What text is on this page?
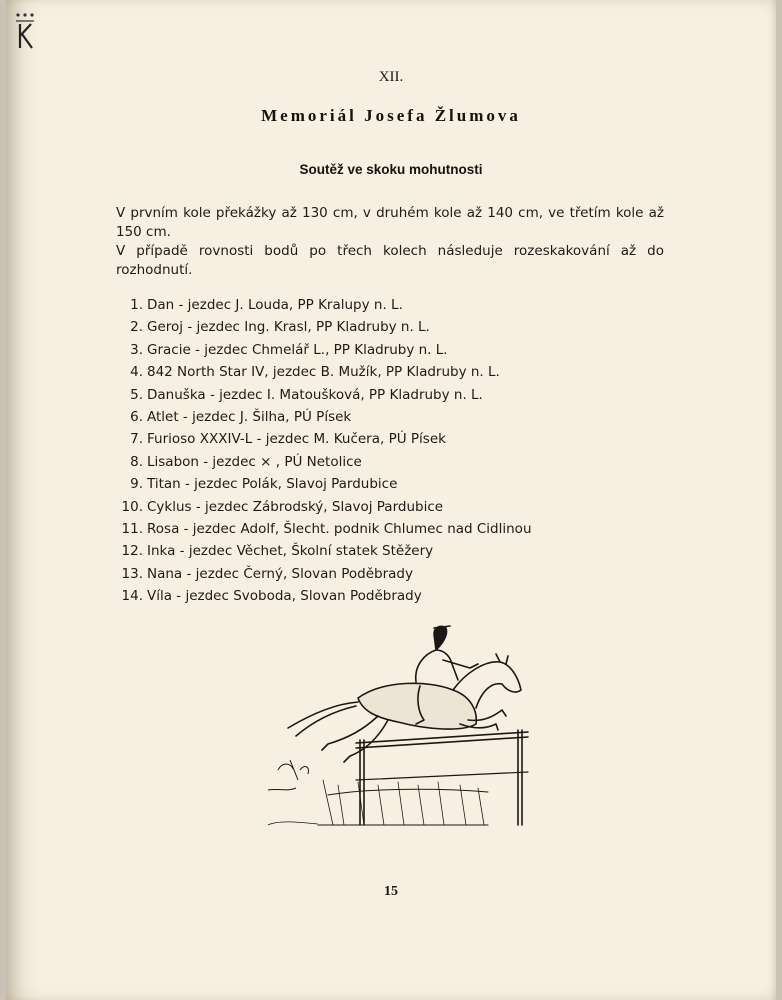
XII.
Memoriál Josefa Žlumova
Soutěž ve skoku mohutnosti

V prvním kole překážky až 130 cm, v druhém kole až 140 cm, ve třetím kole až 150 cm.

V případě rovnosti bodů po třech kolech následuje rozeskakování až do rozhodnutí.

1. Dan - jezdec J. Louda, PP Kralupy n. L.
2. Geroj - jezdec Ing. Krasl, PP Kladruby n. L.
3. Gracie - jezdec Chmelář L., PP Kladruby n. L.
4. 842 North Star IV, jezdec B. Mužík, PP Kladruby n. L.
5. Danuška - jezdec I. Matoušková, PP Kladruby n. L.
6. Atlet - jezdec J. Šilha, PÚ Písek
7. Furioso XXXIV-L - jezdec M. Kučera, PÚ Písek
8. Lisabon - jezdec × , PÚ Netolice
9. Titan - jezdec Polák, Slavoj Pardubice
10. Cyklus - jezdec Zábrodský, Slavoj Pardubice
11. Rosa - jezdec Adolf, Šlecht. podnik Chlumec nad Cidlinou
12. Inka - jezdec Věchet, Školní statek Stěžery
13. Nana - jezdec Černý, Slovan Poděbrady
14. Víla - jezdec Svoboda, Slovan Poděbrady
15
